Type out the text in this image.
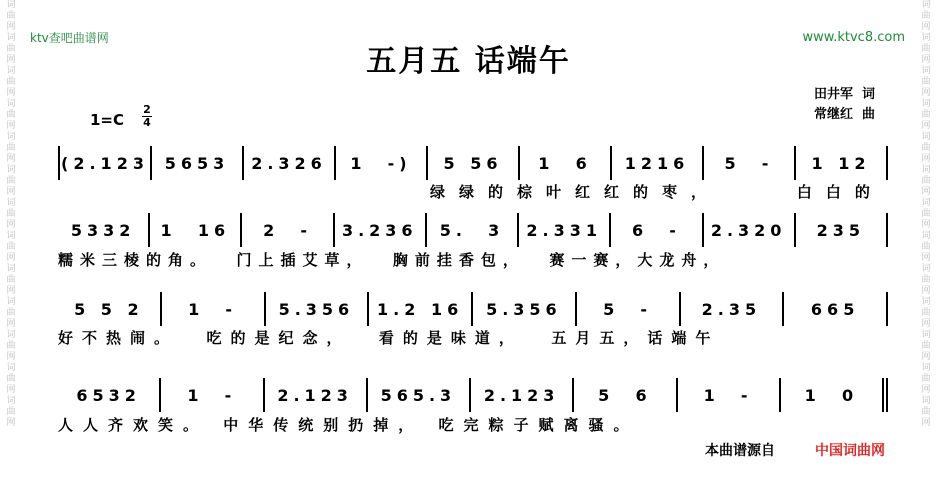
词
曲
网
词
曲
网
词
曲
网
词
曲
网
词
曲
网
词
曲
网
词
曲
网
词
曲
网
词
曲
网
词
曲
网
词
曲
网
词
曲
网
词
曲
网
词
曲
网
词
曲
网
词
曲
网
词
曲
网
词
曲
网
词
曲
网
词
曲
网
词
曲
网
词
曲
网
词
曲
网
词
曲
网
词
曲
网
词
曲
网
ktv查吧曲谱网	www.ktvc8.com
五月五 话端午
田井军  词
常继红  曲
1=C
2
4
(2.123 5653	2.326	1  -)	5 56	1  6	1216	5  -	1 12
绿绿的棕叶红红的枣，    白白的
5332	1  16	2  -	3.236	5.  3	2.331	6  -	2.320	235
糯米三棱的角。  门上插艾草，  胸前挂香包，  赛一赛，大龙舟，
5 5 2	1  -	5.356	1.2 16	5.356	5  -	2.35	665
好不热闹。  吃的是纪念，  看的是味道，  五月五，话端午
6532	1  -	2.123	565.3	2.123	5  6	1  -	1  0
人人齐欢笑。 中华传统别扔掉， 吃完粽子赋离骚。
本曲谱源自	中国词曲网
